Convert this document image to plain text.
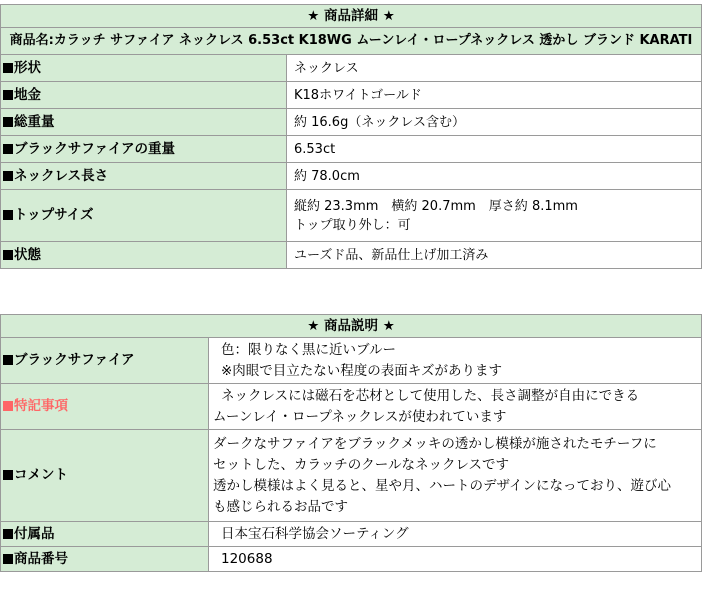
★ 商品詳細 ★	
商品名:カラッチ サファイア ネックレス 6.53ct K18WG ムーンレイ・ロープネックレス 透かし ブランド KARATI	
形状	ネックレス
地金	K18ホワイトゴールド
総重量	約 16.6g（ネックレス含む）
ブラックサファイアの重量	6.53ct
ネックレス長さ	約 78.0cm
トップサイズ	縦約 23.3mm　横約 20.7mm　厚さ約 8.1mm
トップ取り外し：可

状態	ユーズド品、新品仕上げ加工済み
★ 商品説明 ★	
ブラックサファイア	色：限りなく黒に近いブルー
※肉眼で目立たない程度の表面キズがあります

特記事項	ネックレスには磁石を芯材として使用した、長さ調整が自由にできる
ムーンレイ・ロープネックレスが使われています

コメント	ダークなサファイアをブラックメッキの透かし模様が施されたモチーフに
セットした、カラッチのクールなネックレスです
透かし模様はよく見ると、星や月、ハートのデザインになっており、遊び心
も感じられるお品です

付属品	日本宝石科学協会ソーティング
商品番号	120688
